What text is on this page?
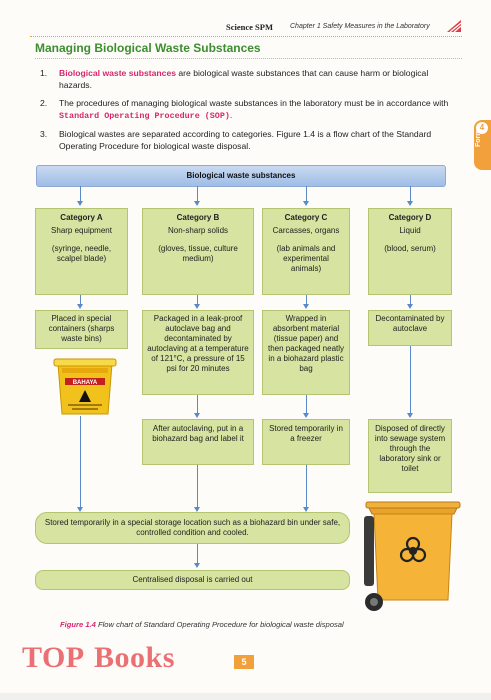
Science SPM Chapter 1 Safety Measures in the Laboratory
Managing Biological Waste Substances
1. Biological waste substances are biological waste substances that can cause harm or biological hazards.
2. The procedures of managing biological waste substances in the laboratory must be in accordance with Standard Operating Procedure (SOP).
3. Biological wastes are separated according to categories. Figure 1.4 is a flow chart of the Standard Operating Procedure for biological waste disposal.
4
Form
Biological waste substances
Category A
Sharp equipment
(syringe, needle, scalpel blade)
Category B
Non-sharp solids
(gloves, tissue, culture medium)
Category C
Carcasses, organs
(lab animals and experimental animals)
Category D
Liquid
(blood, serum)
Placed in special containers (sharps waste bins)
Packaged in a leak-proof autoclave bag and decontaminated by autoclaving at a temperature of 121°C, a pressure of 15 psi for 20 minutes
Wrapped in absorbent material (tissue paper) and then packaged neatly in a biohazard plastic bag
Decontaminated by autoclave
BAHAYA
After autoclaving, put in a biohazard bag and label it
Stored temporarily in a freezer
Disposed of directly into sewage system through the laboratory sink or toilet
Stored temporarily in a special storage location such as a biohazard bin under safe, controlled condition and cooled.
Centralised disposal is carried out
Figure 1.4 Flow chart of Standard Operating Procedure for biological waste disposal
TOP Books	5
